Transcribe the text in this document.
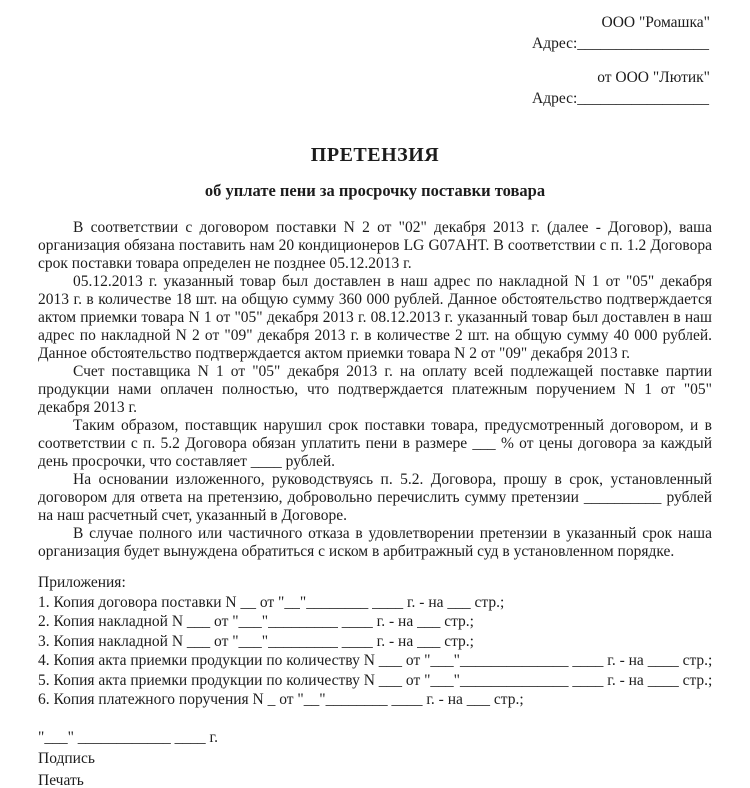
ООО "Ромашка"
Адрес:_________________
от ООО "Лютик"
Адрес:_________________
ПРЕТЕНЗИЯ
об уплате пени за просрочку поставки товара

В соответствии с договором поставки N 2 от "02" декабря 2013 г. (далее - Договор), ваша организация обязана поставить нам 20 кондиционеров LG G07АНТ. В соответствии с п. 1.2 Договора срок поставки товара определен не позднее 05.12.2013 г.

05.12.2013 г. указанный товар был доставлен в наш адрес по накладной N 1 от "05" декабря 2013 г. в количестве 18 шт. на общую сумму 360 000 рублей. Данное обстоятельство подтверждается актом приемки товара N 1 от "05" декабря 2013 г. 08.12.2013 г. указанный товар был доставлен в наш адрес по накладной N 2 от "09" декабря 2013 г. в количестве 2 шт. на общую сумму 40 000 рублей. Данное обстоятельство подтверждается актом приемки товара N 2 от "09" декабря 2013 г.

Счет поставщика N 1 от "05" декабря 2013 г. на оплату всей подлежащей поставке партии продукции нами оплачен полностью, что подтверждается платежным поручением N 1 от "05" декабря 2013 г.

Таким образом, поставщик нарушил срок поставки товара, предусмотренный договором, и в соответствии с п. 5.2 Договора обязан уплатить пени в размере ___ % от цены договора за каждый день просрочки, что составляет ____ рублей.

На основании изложенного, руководствуясь п. 5.2. Договора, прошу в срок, установленный договором для ответа на претензию, добровольно перечислить сумму претензии __________ рублей на наш расчетный счет, указанный в Договоре.

В случае полного или частичного отказа в удовлетворении претензии в указанный срок наша организация будет вынуждена обратиться с иском в арбитражный суд в установленном порядке.

Приложения:
1. Копия договора поставки N __ от "__"________ ____ г. - на ___ стр.;
2. Копия накладной N ___ от "___"_________ ____ г. - на ___ стр.;
3. Копия накладной N ___ от "___"_________ ____ г. - на ___ стр.;
4. Копия акта приемки продукции по количеству N ___ от "___"______________ ____ г. - на ____ стр.;
5. Копия акта приемки продукции по количеству N ___ от "___"______________ ____ г. - на ____ стр.;
6. Копия платежного поручения N _ от "__"________ ____ г. - на ___ стр.;
"___" ____________ ____ г.
Подпись
Печать
